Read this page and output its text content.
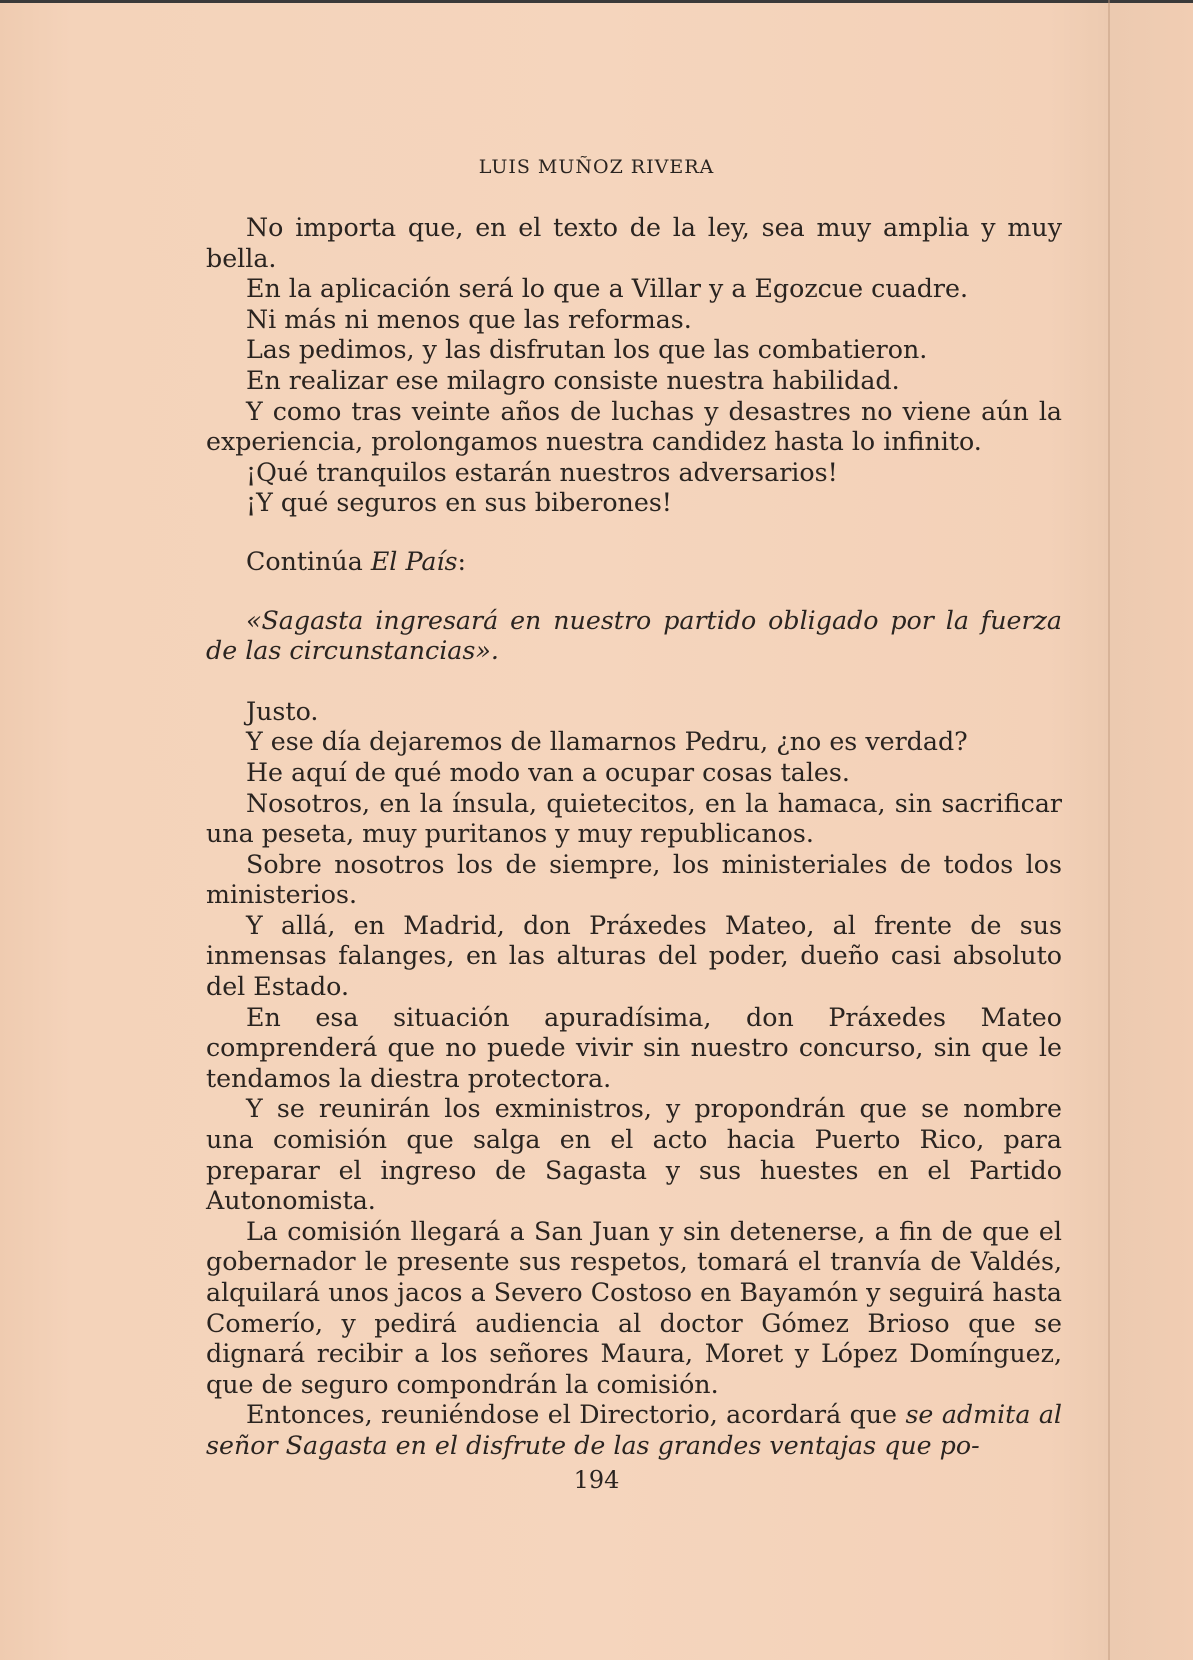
LUIS MUÑOZ RIVERA

No importa que, en el texto de la ley, sea muy amplia y muy bella.

En la aplicación será lo que a Villar y a Egozcue cuadre.

Ni más ni menos que las reformas.

Las pedimos, y las disfrutan los que las combatieron.

En realizar ese milagro consiste nuestra habilidad.

Y como tras veinte años de luchas y desastres no viene aún la experiencia, prolongamos nuestra candidez hasta lo infinito.

¡Qué tranquilos estarán nuestros adversarios!

¡Y qué seguros en sus biberones!

Continúa El País:

«Sagasta ingresará en nuestro partido obligado por la fuerza de las circunstancias».

Justo.

Y ese día dejaremos de llamarnos Pedru, ¿no es verdad?

He aquí de qué modo van a ocupar cosas tales.

Nosotros, en la ínsula, quietecitos, en la hamaca, sin sacrificar una peseta, muy puritanos y muy republicanos.

Sobre nosotros los de siempre, los ministeriales de todos los ministerios.

Y allá, en Madrid, don Práxedes Mateo, al frente de sus inmensas falanges, en las alturas del poder, dueño casi absoluto del Estado.

En esa situación apuradísima, don Práxedes Mateo comprenderá que no puede vivir sin nuestro concurso, sin que le tendamos la diestra protectora.

Y se reunirán los exministros, y propondrán que se nombre una comisión que salga en el acto hacia Puerto Rico, para preparar el ingreso de Sagasta y sus huestes en el Partido Autonomista.

La comisión llegará a San Juan y sin detenerse, a fin de que el gobernador le presente sus respetos, tomará el tranvía de Valdés, alquilará unos jacos a Severo Costoso en Bayamón y seguirá hasta Comerío, y pedirá audiencia al doctor Gómez Brioso que se dignará recibir a los señores Maura, Moret y López Domínguez, que de seguro compondrán la comisión.

Entonces, reuniéndose el Directorio, acordará que se admita al señor Sagasta en el disfrute de las grandes ventajas que po-

194
